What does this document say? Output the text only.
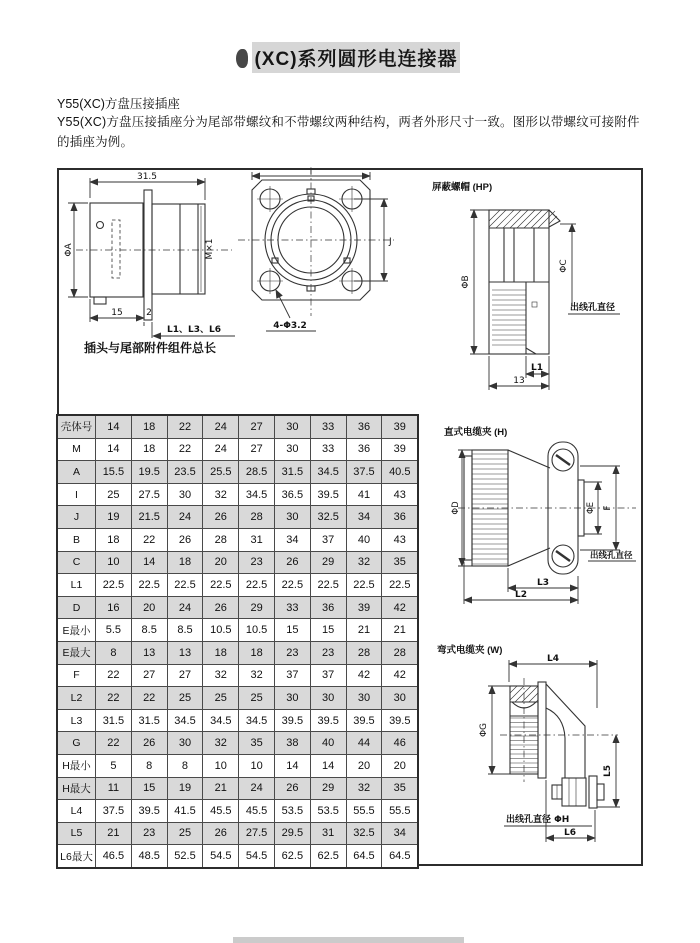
(XC)系列圆形电连接器
Y55(XC)方盘压接插座
Y55(XC)方盘压接插座分为尾部带螺纹和不带螺纹两种结构，两者外形尺寸一致。图形以带螺纹可接附件的插座为例。
31.5
ΦA	M×1
15	2
L1、L3、L6
插头与尾部附件组件总长
I
J
4-Φ3.2
屏蔽螺帽 (HP)
ΦB
ΦC
出线孔直径
L1
13
壳体号	14	18	22	24	27	30	33	36	39
M	14	18	22	24	27	30	33	36	39
A	15.5	19.5	23.5	25.5	28.5	31.5	34.5	37.5	40.5
I	25	27.5	30	32	34.5	36.5	39.5	41	43
J	19	21.5	24	26	28	30	32.5	34	36
B	18	22	26	28	31	34	37	40	43
C	10	14	18	20	23	26	29	32	35
L1	22.5	22.5	22.5	22.5	22.5	22.5	22.5	22.5	22.5
D	16	20	24	26	29	33	36	39	42
E最小	5.5	8.5	8.5	10.5	10.5	15	15	21	21
E最大	8	13	13	18	18	23	23	28	28
F	22	27	27	32	32	37	37	42	42
L2	22	22	25	25	25	30	30	30	30
L3	31.5	31.5	34.5	34.5	34.5	39.5	39.5	39.5	39.5
G	22	26	30	32	35	38	40	44	46
H最小	5	8	8	10	10	14	14	20	20
H最大	11	15	19	21	24	26	29	32	35
L4	37.5	39.5	41.5	45.5	45.5	53.5	53.5	55.5	55.5
L5	21	23	25	26	27.5	29.5	31	32.5	34
L6最大	46.5	48.5	52.5	54.5	54.5	62.5	62.5	64.5	64.5
直式电缆夹 (H)
ΦD	ΦE F
出线孔直径
L3
L2
弯式电缆夹 (W)
L4
ΦG
L5
出线孔直径 ΦH
L6
